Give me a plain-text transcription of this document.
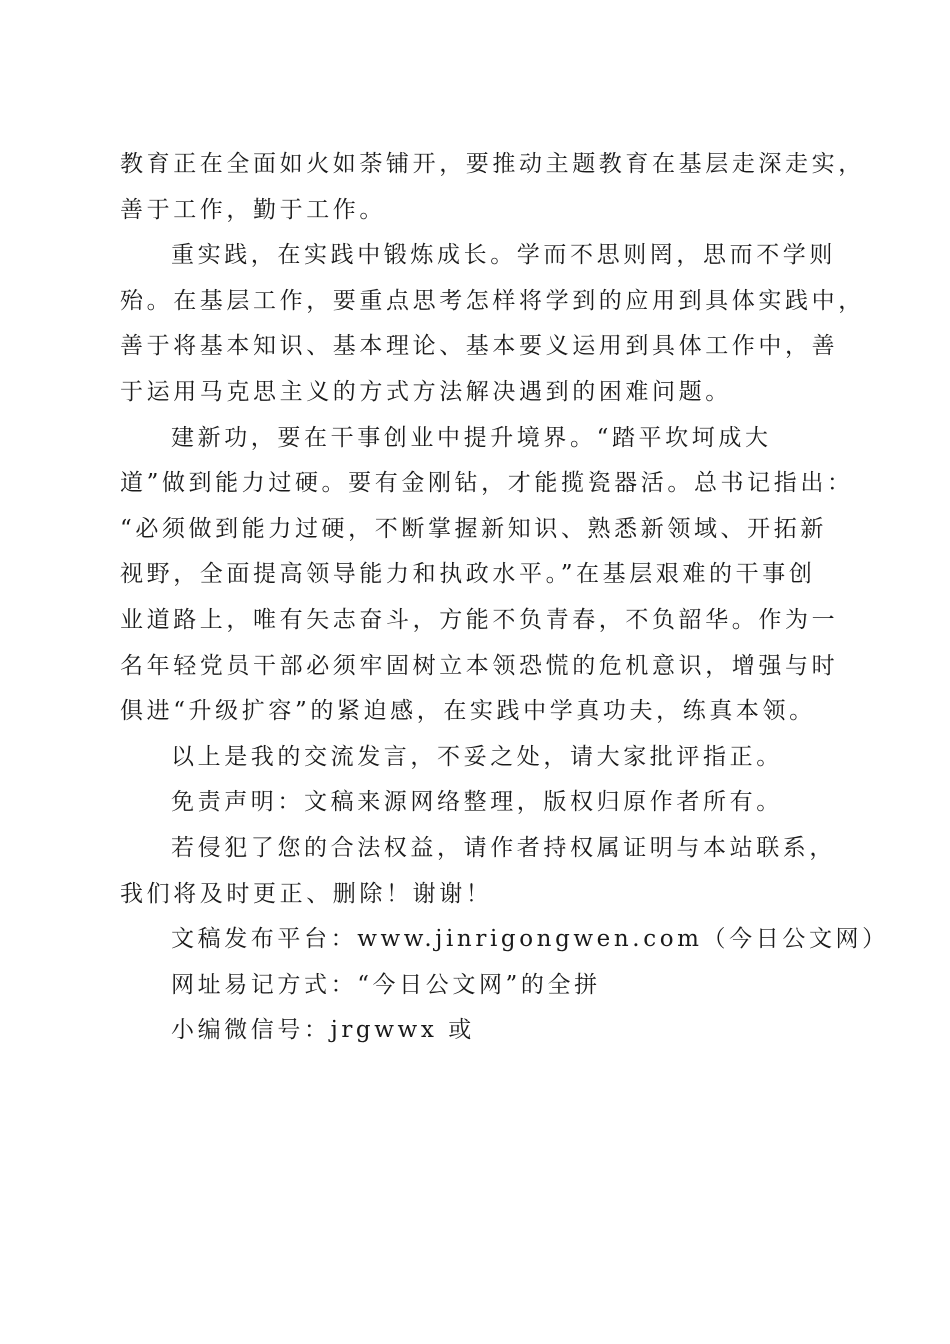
教育正在全面如火如荼铺开，要推动主题教育在基层走深走实，
善于工作，勤于工作。

重实践，在实践中锻炼成长。学而不思则罔，思而不学则
殆。在基层工作，要重点思考怎样将学到的应用到具体实践中，
善于将基本知识、基本理论、基本要义运用到具体工作中，善
于运用马克思主义的方式方法解决遇到的困难问题。

建新功，要在干事创业中提升境界。“踏平坎坷成大
道”做到能力过硬。要有金刚钻，才能揽瓷器活。总书记指出：
“必须做到能力过硬，不断掌握新知识、熟悉新领域、开拓新
视野，全面提高领导能力和执政水平。”在基层艰难的干事创
业道路上，唯有矢志奋斗，方能不负青春，不负韶华。作为一
名年轻党员干部必须牢固树立本领恐慌的危机意识，增强与时
俱进“升级扩容”的紧迫感，在实践中学真功夫，练真本领。

以上是我的交流发言，不妥之处，请大家批评指正。

免责声明：文稿来源网络整理，版权归原作者所有。

若侵犯了您的合法权益，请作者持权属证明与本站联系，
我们将及时更正、删除！谢谢！

文稿发布平台：www.jinrigongwen.com（今日公文网）

网址易记方式：“今日公文网”的全拼

小编微信号：jrgwwx 或
